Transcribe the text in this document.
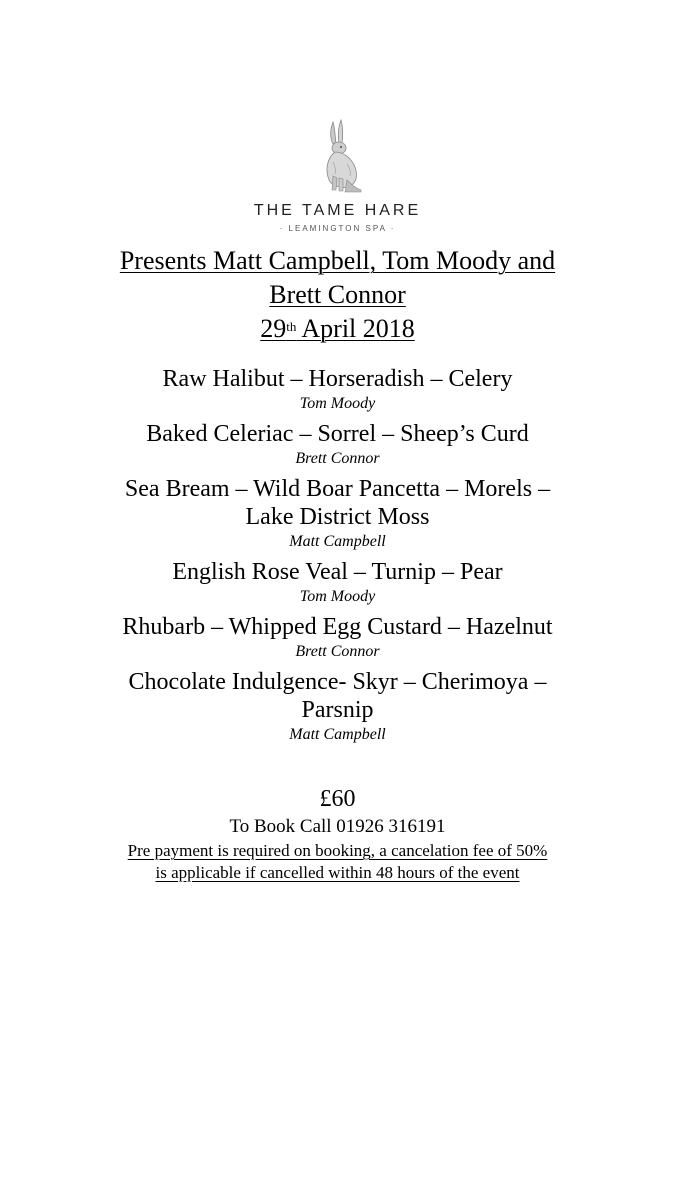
THE TAME HARE
· LEAMINGTON SPA ·
Presents Matt Campbell, Tom Moody and
Brett Connor
29th April 2018

Raw Halibut – Horseradish – Celery

Tom Moody

Baked Celeriac – Sorrel – Sheep’s Curd

Brett Connor

Sea Bream – Wild Boar Pancetta – Morels –

Lake District Moss

Matt Campbell

English Rose Veal – Turnip – Pear

Tom Moody

Rhubarb – Whipped Egg Custard – Hazelnut

Brett Connor

Chocolate Indulgence- Skyr – Cherimoya –

Parsnip

Matt Campbell

£60
To Book Call 01926 316191
Pre payment is required on booking, a cancelation fee of 50%
is applicable if cancelled within 48 hours of the event
